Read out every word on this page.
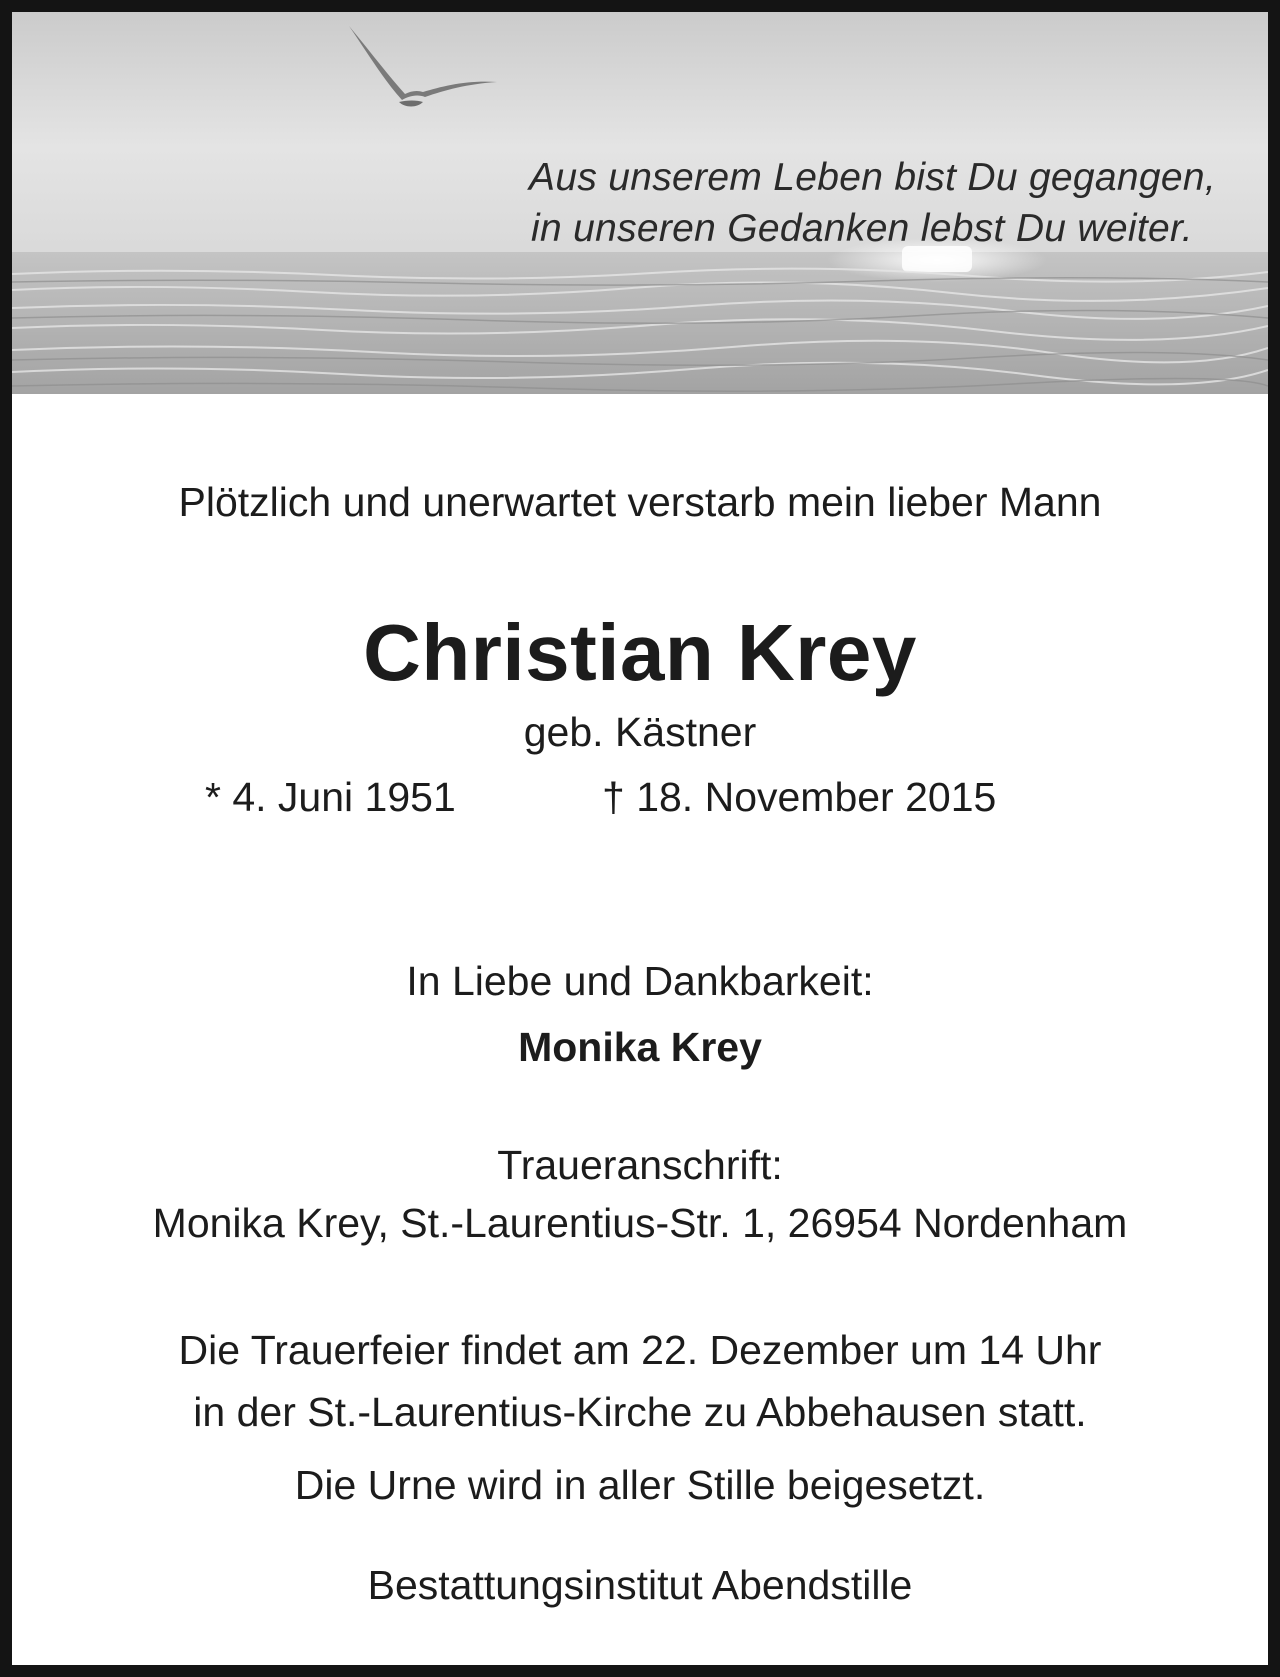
Aus unserem Leben bist Du gegangen,
in unseren Gedanken lebst Du weiter.

Plötzlich und unerwartet verstarb mein lieber Mann

Christian Krey

geb. Kästner

* 4. Juni 1951	† 18. November 2015

In Liebe und Dankbarkeit:

Monika Krey

Traueranschrift:

Monika Krey, St.-Laurentius-Str. 1, 26954 Nordenham

Die Trauerfeier findet am 22. Dezember um 14 Uhr

in der St.-Laurentius-Kirche zu Abbehausen statt.

Die Urne wird in aller Stille beigesetzt.

Bestattungsinstitut Abendstille
